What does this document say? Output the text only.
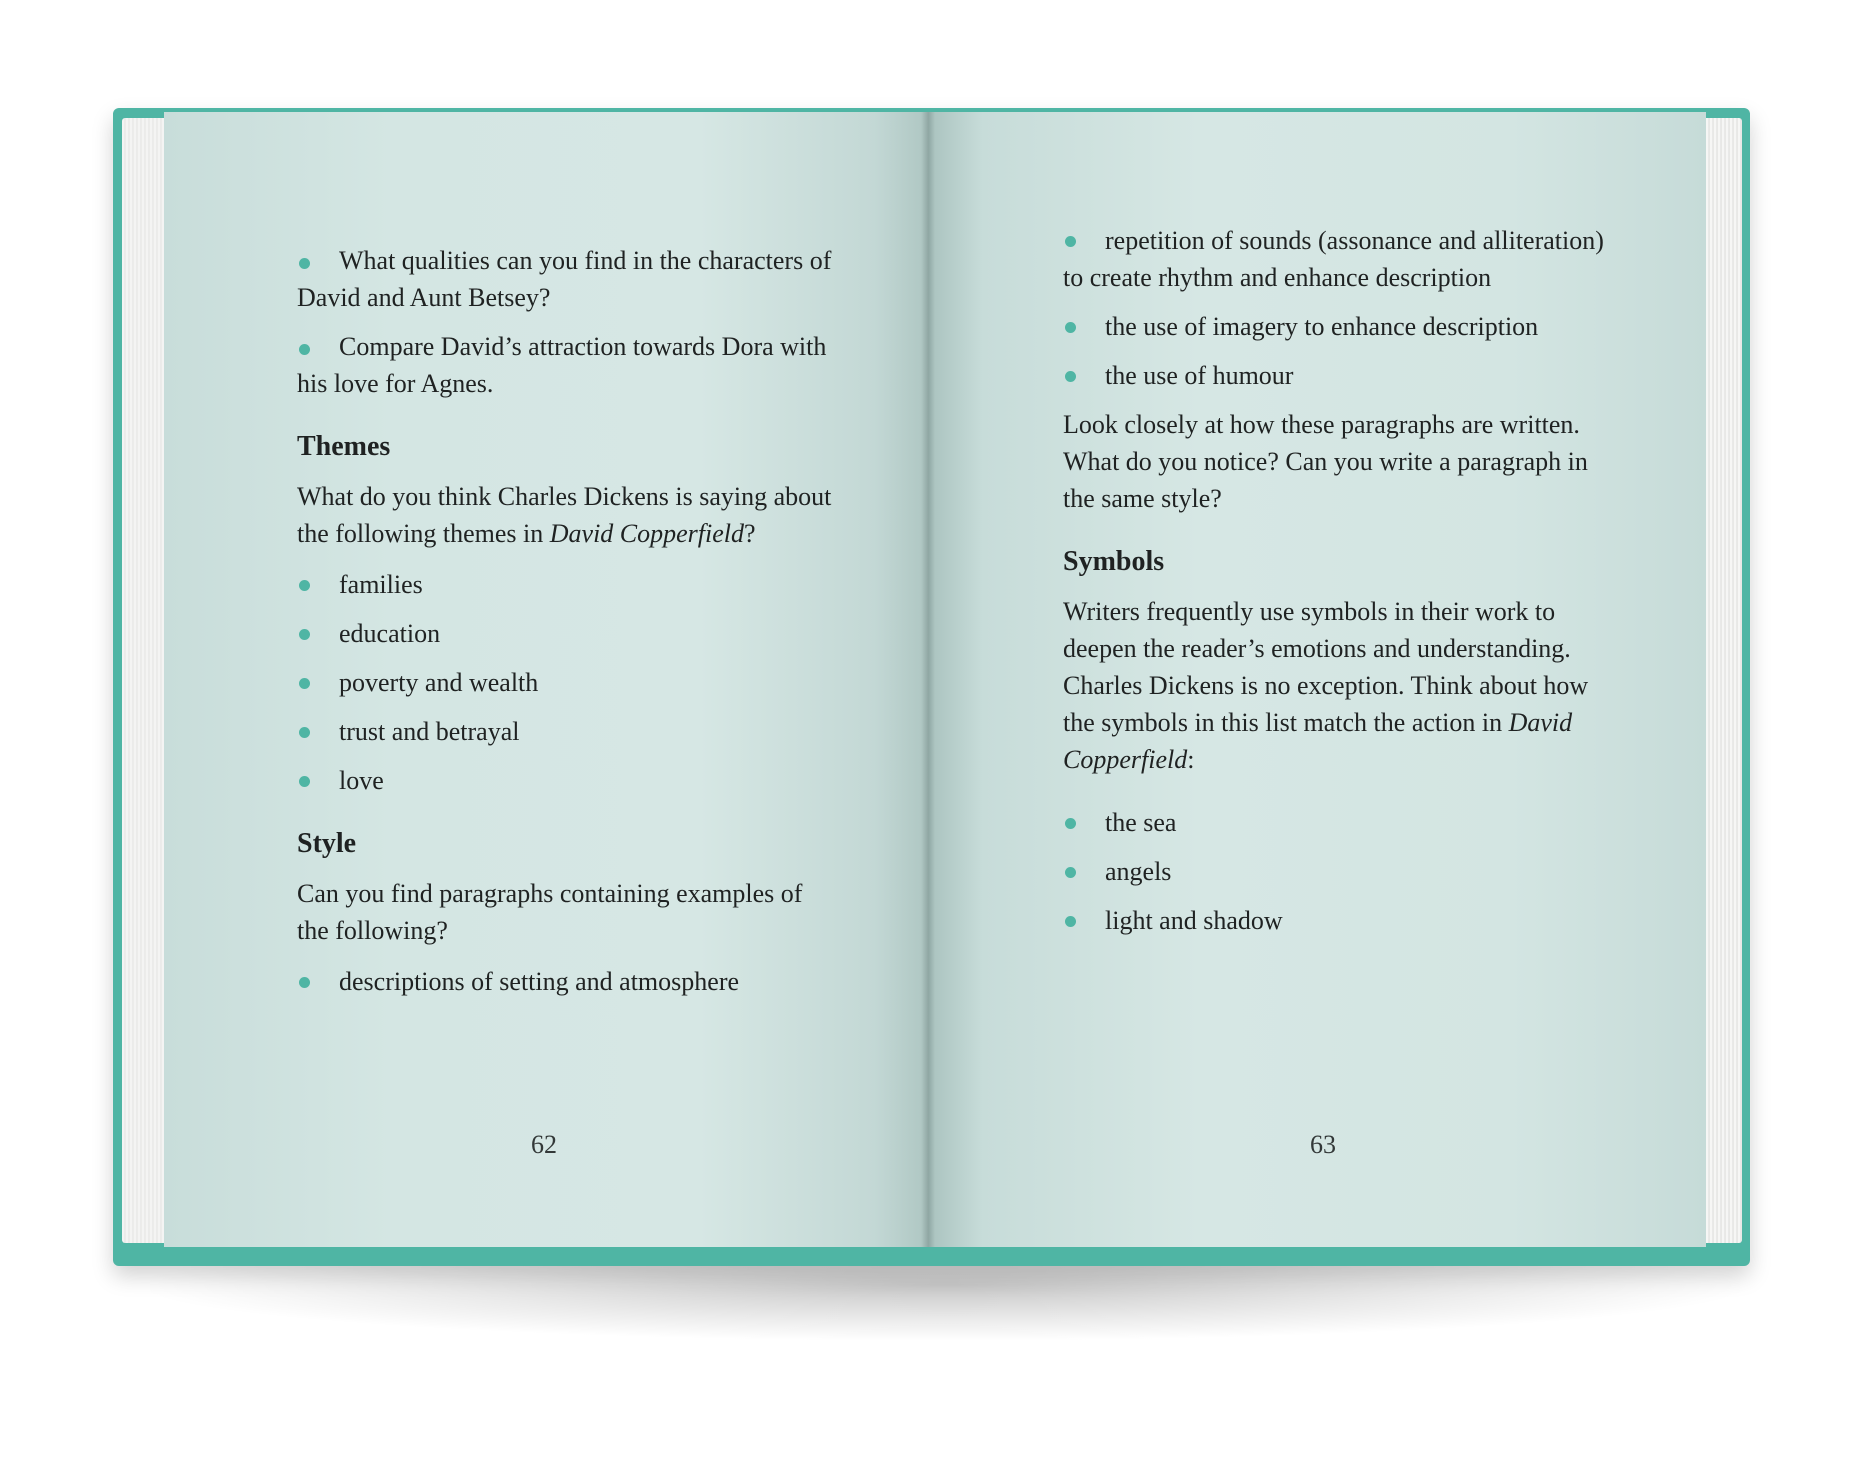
What qualities can you find in the characters of David and Aunt Betsey?

Compare David’s attraction towards Dora with his love for Agnes.

Themes

What do you think Charles Dickens is saying about the following themes in David Copperfield?

families
education
poverty and wealth
trust and betrayal
love
Style

Can you find paragraphs containing examples of the following?

descriptions of setting and atmosphere
62
repetition of sounds (assonance and alliteration) to create rhythm and enhance description
the use of imagery to enhance description
the use of humour

Look closely at how these paragraphs are written. What do you notice? Can you write a paragraph in the same style?

Symbols

Writers frequently use symbols in their work to deepen the reader’s emotions and understanding. Charles Dickens is no exception. Think about how the symbols in this list match the action in David Copperfield:

the sea
angels
light and shadow
63
